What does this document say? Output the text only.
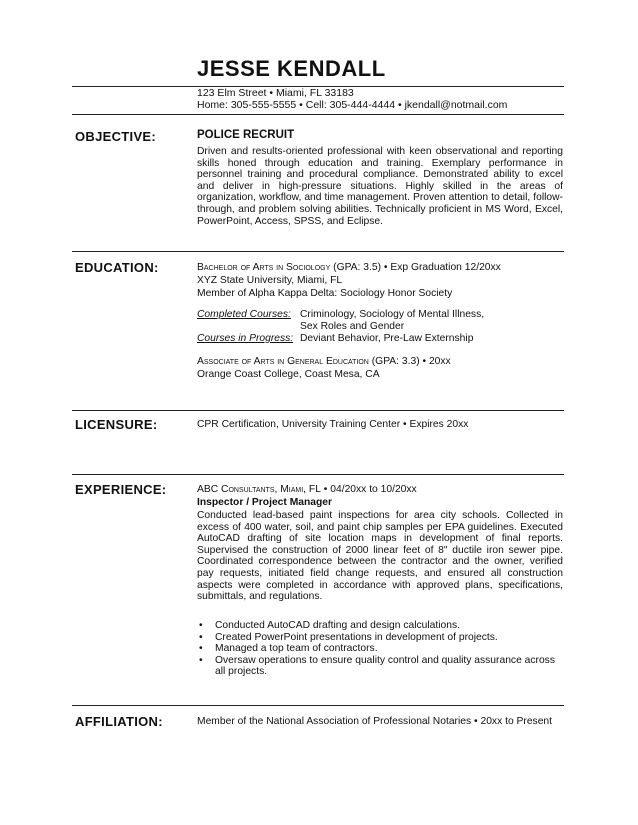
JESSE KENDALL
123 Elm Street • Miami, FL 33183
Home: 305-555-5555 • Cell: 305-444-4444 • jkendall@notmail.com
OBJECTIVE:	POLICE RECRUIT
Driven and results-oriented professional with keen observational and reporting skills honed through education and training. Exemplary performance in personnel training and procedural compliance. Demonstrated ability to excel and deliver in high-pressure situations. Highly skilled in the areas of organization, workflow, and time management. Proven attention to detail, follow-through, and problem solving abilities. Technically proficient in MS Word, Excel, PowerPoint, Access, SPSS, and Eclipse.
EDUCATION:	Bachelor of Arts in Sociology (GPA: 3.5) • Exp Graduation 12/20xx
XYZ State University, Miami, FL
Member of Alpha Kappa Delta: Sociology Honor Society
Completed Courses: Criminology, Sociology of Mental Illness,
Sex Roles and Gender
Courses in Progress: Deviant Behavior, Pre-Law Externship
Associate of Arts in General Education (GPA: 3.3) • 20xx
Orange Coast College, Coast Mesa, CA
LICENSURE:	CPR Certification, University Training Center • Expires 20xx
EXPERIENCE:	ABC Consultants, Miami, FL • 04/20xx to 10/20xx
Inspector / Project Manager
Conducted lead-based paint inspections for area city schools. Collected in excess of 400 water, soil, and paint chip samples per EPA guidelines. Executed AutoCAD drafting of site location maps in development of final reports. Supervised the construction of 2000 linear feet of 8" ductile iron sewer pipe. Coordinated correspondence between the contractor and the owner, verified pay requests, initiated field change requests, and ensured all construction aspects were completed in accordance with approved plans, specifications, submittals, and regulations.
• Conducted AutoCAD drafting and design calculations.
• Created PowerPoint presentations in development of projects.
• Managed a top team of contractors.
• Oversaw operations to ensure quality control and quality assurance across all projects.
AFFILIATION:	Member of the National Association of Professional Notaries • 20xx to Present
